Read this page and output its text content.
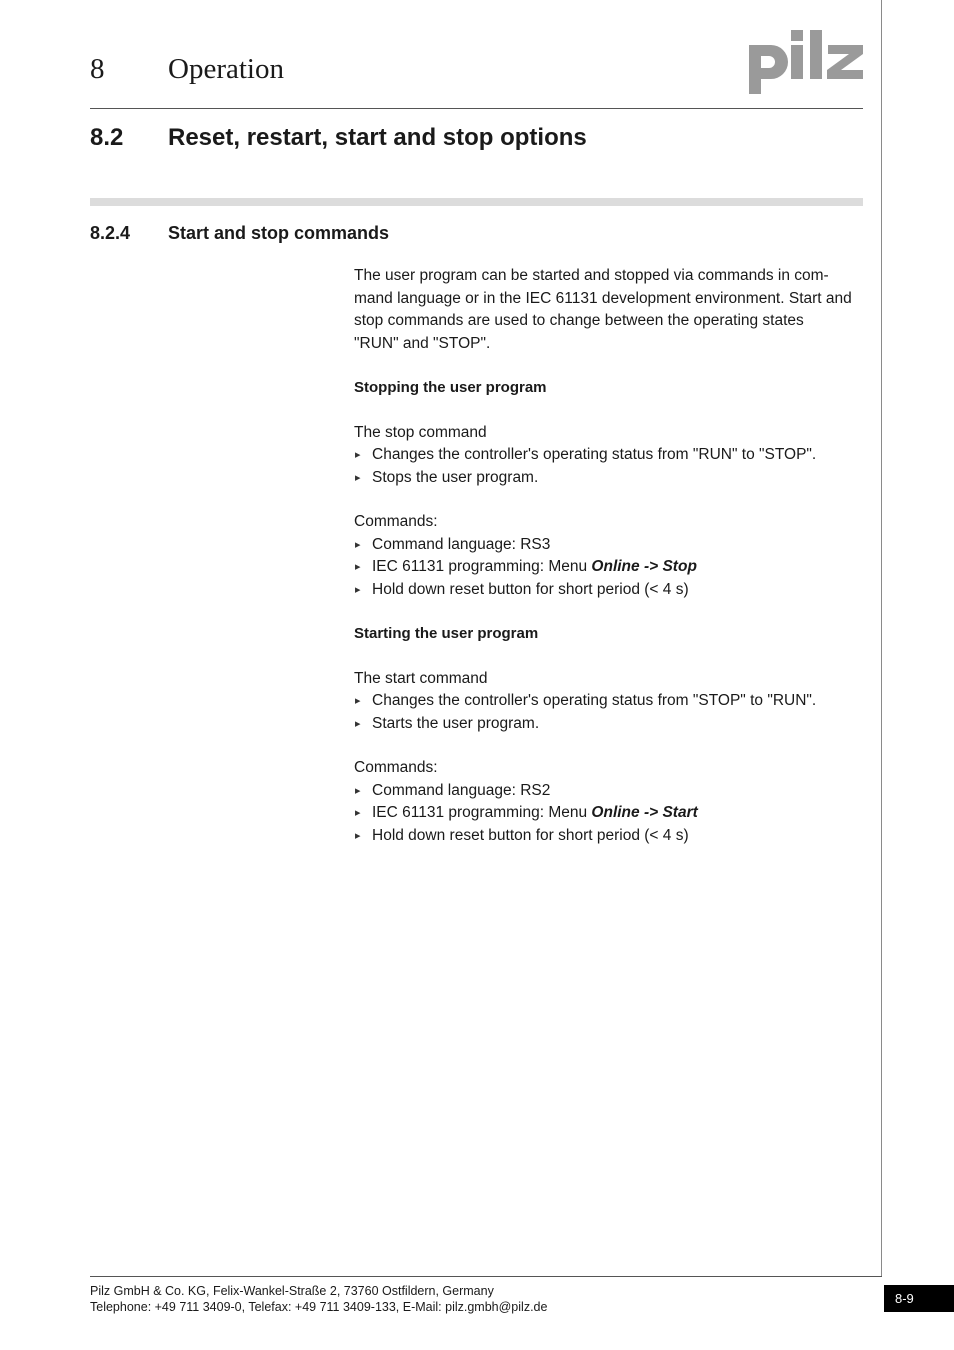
8 Operation
8.2 Reset, restart, start and stop options
8.2.4 Start and stop commands

The user program can be started and stopped via commands in com-
mand language or in the IEC 61131 development environment. Start and
stop commands are used to change between the operating states
"RUN" and "STOP".

Stopping the user program

The stop command

▸ Changes the controller's operating status from "RUN" to "STOP".
▸ Stops the user program.

Commands:

▸ Command language: RS3
▸ IEC 61131 programming: Menu Online -> Stop
▸ Hold down reset button for short period (< 4 s)

Starting the user program

The start command

▸ Changes the controller's operating status from "STOP" to "RUN".
▸ Starts the user program.

Commands:

▸ Command language: RS2
▸ IEC 61131 programming: Menu Online -> Start
▸ Hold down reset button for short period (< 4 s)
Pilz GmbH & Co. KG, Felix-Wankel-Straße 2, 73760 Ostfildern, Germany
Telephone: +49 711 3409-0, Telefax: +49 711 3409-133, E-Mail: pilz.gmbh@pilz.de
8-9
